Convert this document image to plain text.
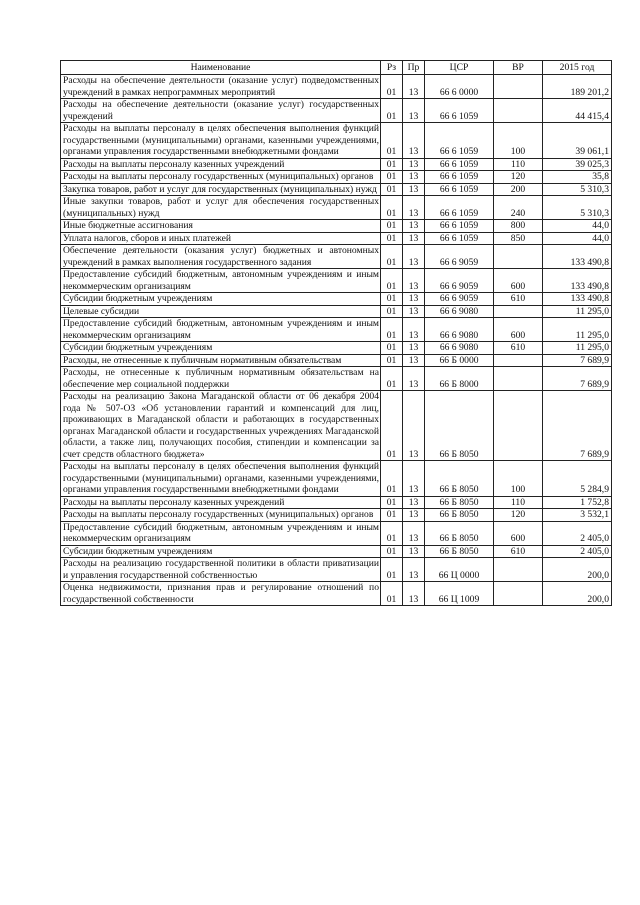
Наименование	Рз	Пр	ЦСР	ВР	2015 год
Расходы на обеспечение деятельности (оказание услуг) подведомственных учреждений в рамках непрограммных мероприятий	01	13	66 6 0000		189 201,2
Расходы на обеспечение деятельности (оказание услуг) государственных учреждений	01	13	66 6 1059		44 415,4
Расходы на выплаты персоналу в целях обеспечения выполнения функций государственными (муниципальными) органами, казенными учреждениями, органами управления государственными внебюджетными фондами	01	13	66 6 1059	100	39 061,1
Расходы на выплаты персоналу казенных учреждений	01	13	66 6 1059	110	39 025,3
Расходы на выплаты персоналу государственных (муниципальных) органов	01	13	66 6 1059	120	35,8
Закупка товаров, работ и услуг для государственных (муниципальных) нужд	01	13	66 6 1059	200	5 310,3
Иные закупки товаров, работ и услуг для обеспечения государственных (муниципальных) нужд	01	13	66 6 1059	240	5 310,3
Иные бюджетные ассигнования	01	13	66 6 1059	800	44,0
Уплата налогов, сборов и иных платежей	01	13	66 6 1059	850	44,0
Обеспечение деятельности (оказания услуг) бюджетных и автономных учреждений в рамках выполнения государственного задания	01	13	66 6 9059		133 490,8
Предоставление субсидий бюджетным, автономным учреждениям и иным некоммерческим организациям	01	13	66 6 9059	600	133 490,8
Субсидии бюджетным учреждениям	01	13	66 6 9059	610	133 490,8
Целевые субсидии	01	13	66 6 9080		11 295,0
Предоставление субсидий бюджетным, автономным учреждениям и иным некоммерческим организациям	01	13	66 6 9080	600	11 295,0
Субсидии бюджетным учреждениям	01	13	66 6 9080	610	11 295,0
Расходы, не отнесенные к публичным нормативным обязательствам	01	13	66 Б 0000		7 689,9
Расходы, не отнесенные к публичным нормативным обязательствам на обеспечение мер социальной поддержки	01	13	66 Б 8000		7 689,9
Расходы на реализацию Закона Магаданской области от 06 декабря 2004 года № 507-ОЗ «Об установлении гарантий и компенсаций для лиц, проживающих в Магаданской области и работающих в государственных органах Магаданской области и государственных учреждениях Магаданской области, а также лиц, получающих пособия, стипендии и компенсации за счет средств областного бюджета»	01	13	66 Б 8050		7 689,9
Расходы на выплаты персоналу в целях обеспечения выполнения функций государственными (муниципальными) органами, казенными учреждениями, органами управления государственными внебюджетными фондами	01	13	66 Б 8050	100	5 284,9
Расходы на выплаты персоналу казенных учреждений	01	13	66 Б 8050	110	1 752,8
Расходы на выплаты персоналу государственных (муниципальных) органов	01	13	66 Б 8050	120	3 532,1
Предоставление субсидий бюджетным, автономным учреждениям и иным некоммерческим организациям	01	13	66 Б 8050	600	2 405,0
Субсидии бюджетным учреждениям	01	13	66 Б 8050	610	2 405,0
Расходы на реализацию государственной политики в области приватизации и управления государственной собственностью	01	13	66 Ц 0000		200,0
Оценка недвижимости, признания прав и регулирование отношений по государственной собственности	01	13	66 Ц 1009		200,0
